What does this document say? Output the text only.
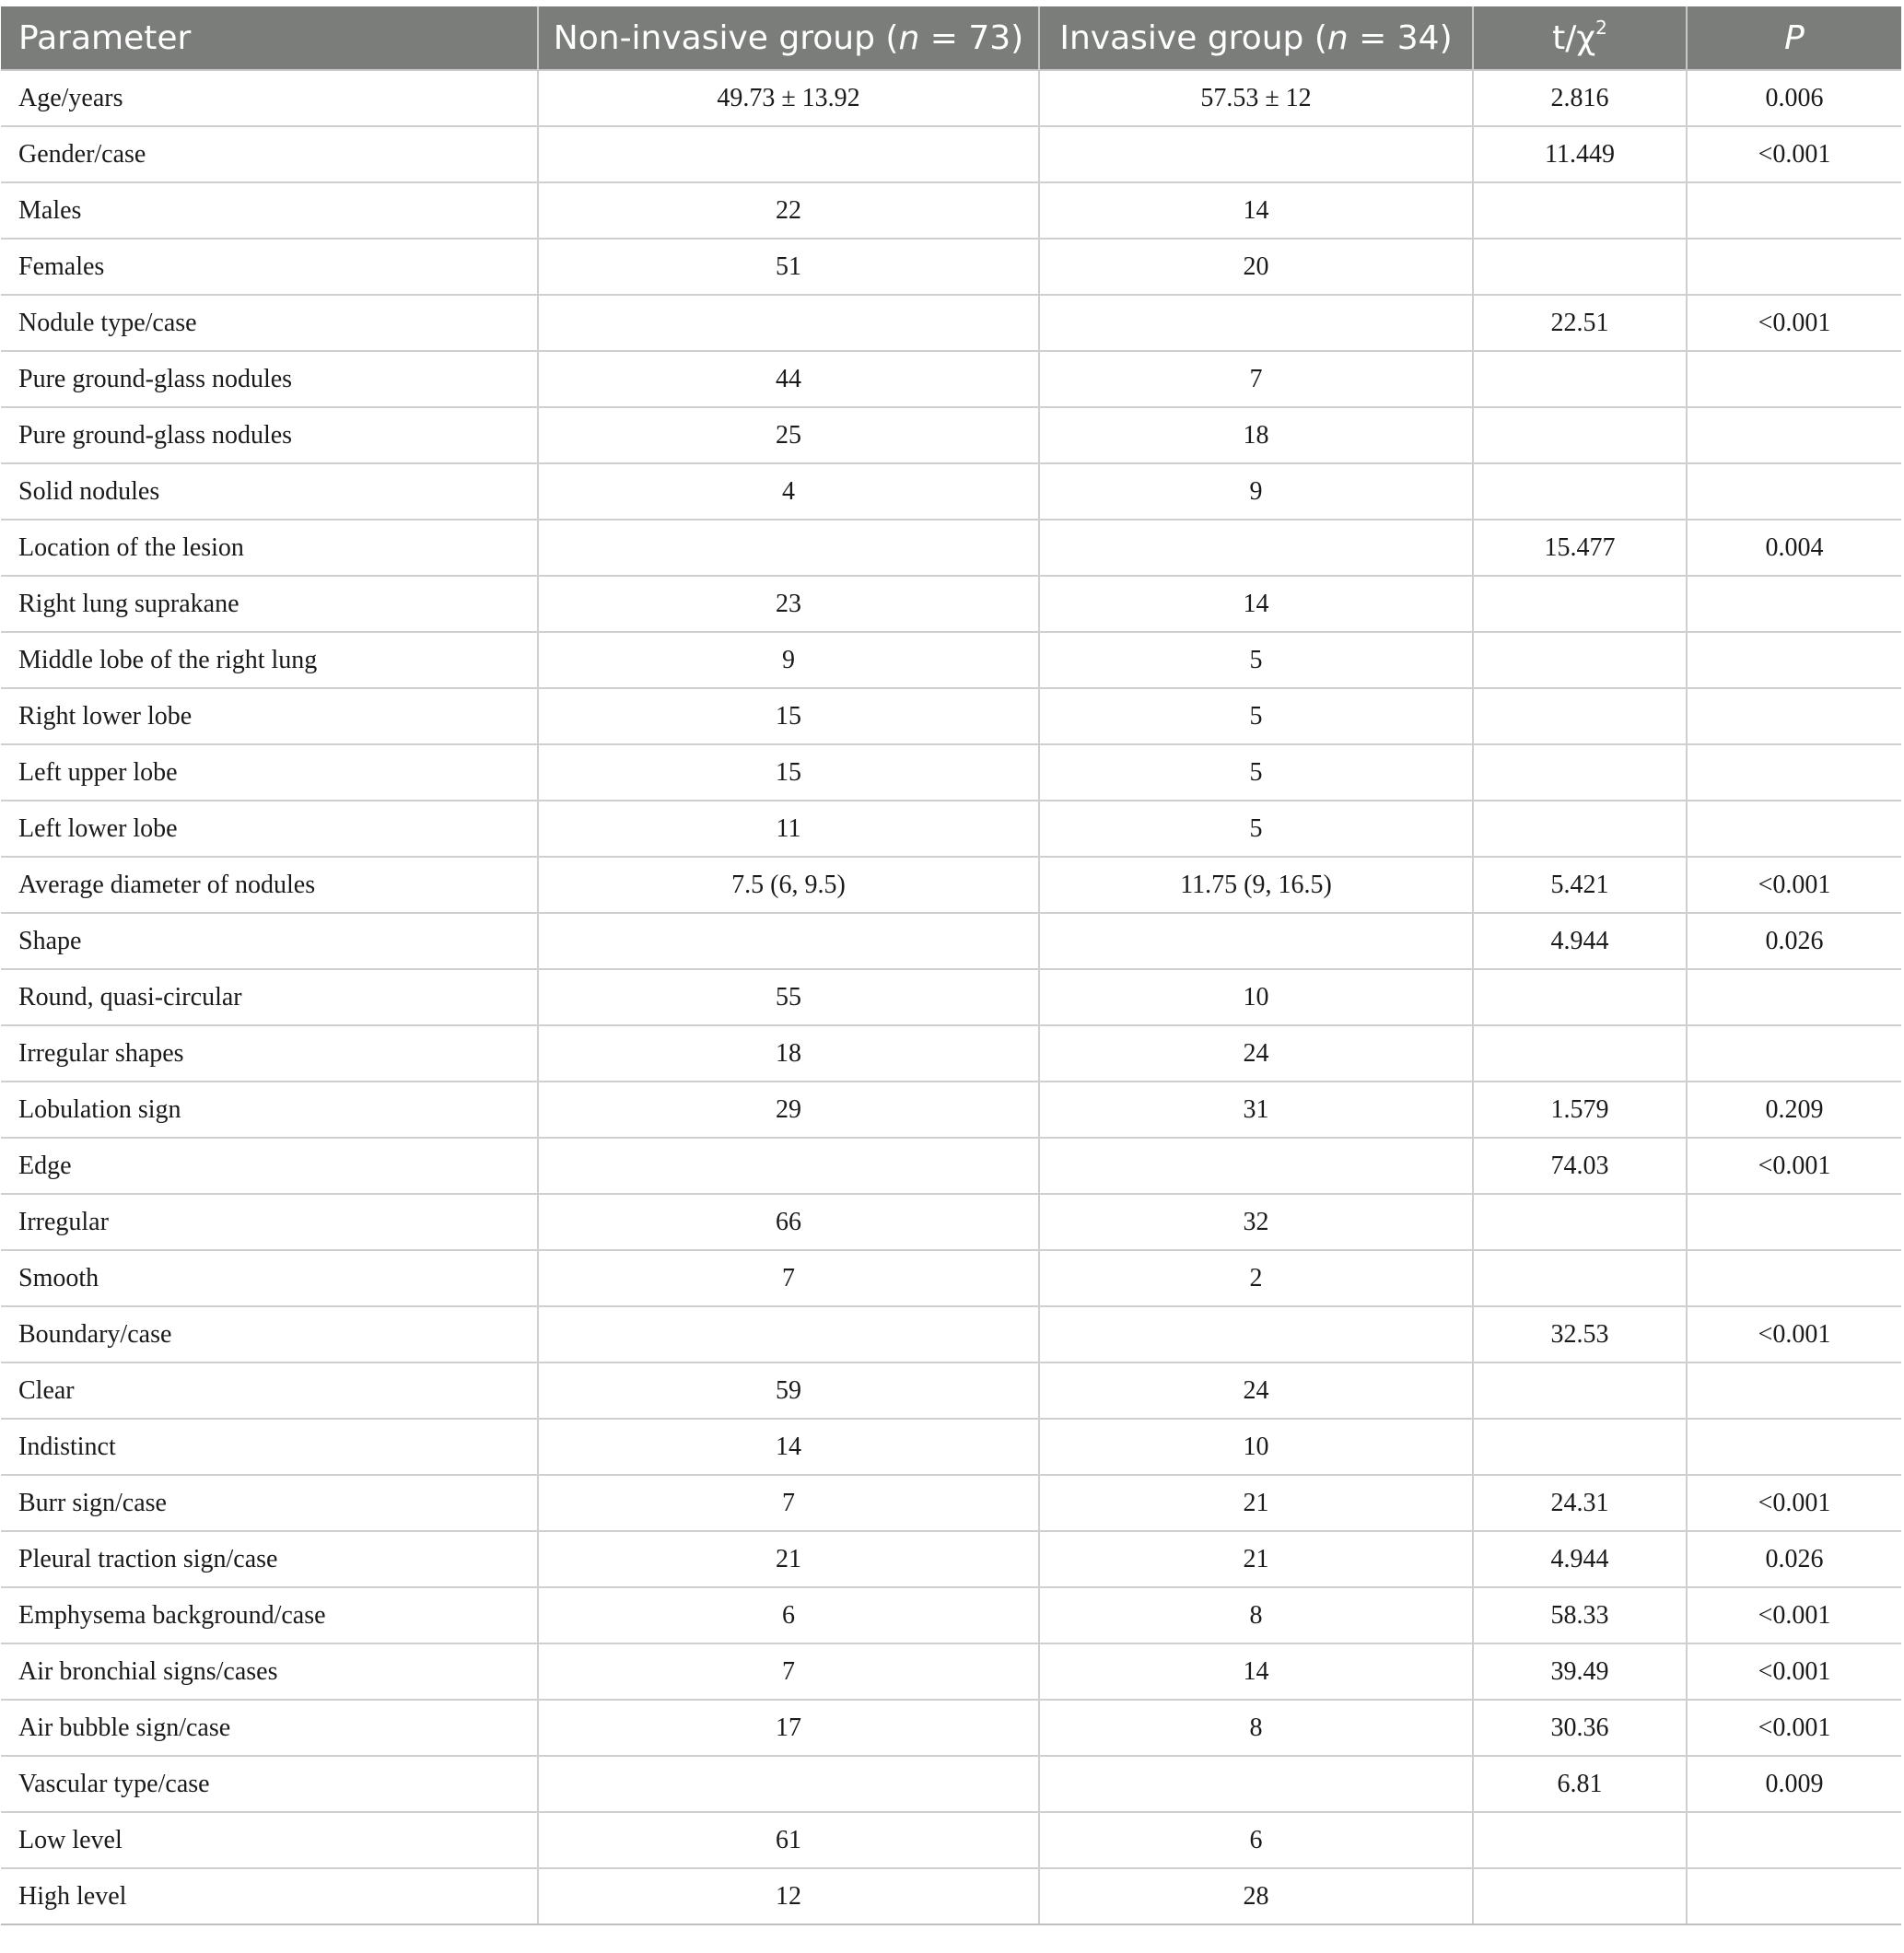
Parameter	Non-invasive group (n = 73)	Invasive group (n = 34)	$t/\chi^2$	P
Age/years	49.73 ± 13.92	57.53 ± 12	2.816	0.006
Gender/case			11.449	<0.001
Males	22	14		
Females	51	20		
Nodule type/case			22.51	<0.001
Pure ground-glass nodules	44	7		
Pure ground-glass nodules	25	18		
Solid nodules	4	9		
Location of the lesion			15.477	0.004
Right lung suprakane	23	14		
Middle lobe of the right lung	9	5		
Right lower lobe	15	5		
Left upper lobe	15	5		
Left lower lobe	11	5		
Average diameter of nodules	7.5 (6, 9.5)	11.75 (9, 16.5)	5.421	<0.001
Shape			4.944	0.026
Round, quasi-circular	55	10		
Irregular shapes	18	24		
Lobulation sign	29	31	1.579	0.209
Edge			74.03	<0.001
Irregular	66	32		
Smooth	7	2		
Boundary/case			32.53	<0.001
Clear	59	24		
Indistinct	14	10		
Burr sign/case	7	21	24.31	<0.001
Pleural traction sign/case	21	21	4.944	0.026
Emphysema background/case	6	8	58.33	<0.001
Air bronchial signs/cases	7	14	39.49	<0.001
Air bubble sign/case	17	8	30.36	<0.001
Vascular type/case			6.81	0.009
Low level	61	6		
High level	12	28		
